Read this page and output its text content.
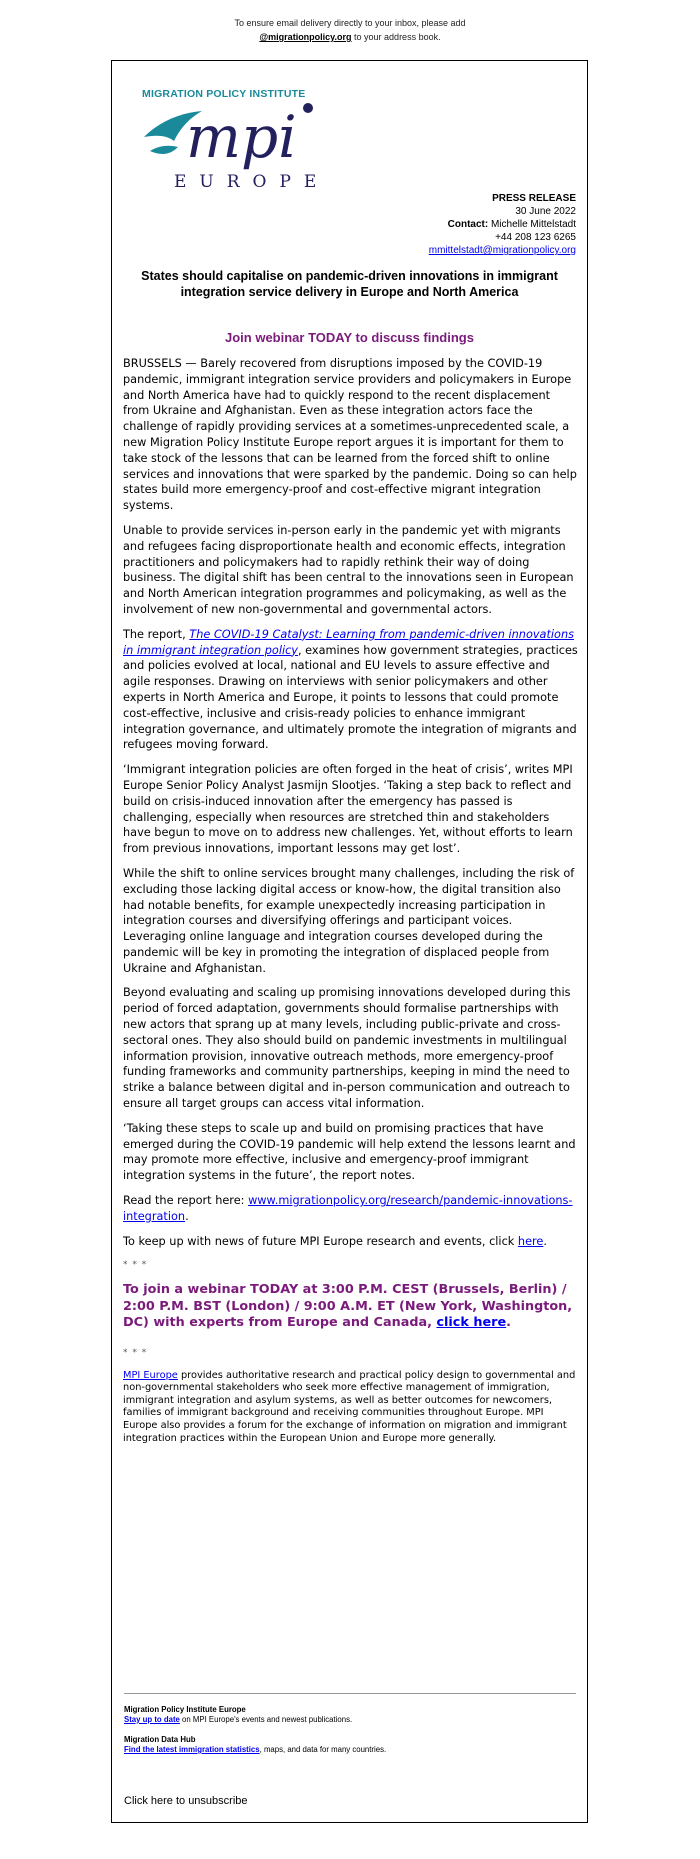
To ensure email delivery directly to your inbox, please add
@migrationpolicy.org to your address book.
MIGRATION POLICY INSTITUTE
mpi
EUROPE
PRESS RELEASE
30 June 2022
Contact: Michelle Mittelstadt
+44 208 123 6265
mmittelstadt@migrationpolicy.org
States should capitalise on pandemic-driven innovations in immigrant integration service delivery in Europe and North America
Join webinar TODAY to discuss findings

BRUSSELS — Barely recovered from disruptions imposed by the COVID-19 pandemic, immigrant integration service providers and policymakers in Europe and North America have had to quickly respond to the recent displacement from Ukraine and Afghanistan. Even as these integration actors face the challenge of rapidly providing services at a sometimes-unprecedented scale, a new Migration Policy Institute Europe report argues it is important for them to take stock of the lessons that can be learned from the forced shift to online services and innovations that were sparked by the pandemic. Doing so can help states build more emergency-proof and cost-effective migrant integration systems.

Unable to provide services in-person early in the pandemic yet with migrants and refugees facing disproportionate health and economic effects, integration practitioners and policymakers had to rapidly rethink their way of doing business. The digital shift has been central to the innovations seen in European and North American integration programmes and policymaking, as well as the involvement of new non-governmental and governmental actors.

The report, The COVID-19 Catalyst: Learning from pandemic-driven innovations in immigrant integration policy, examines how government strategies, practices and policies evolved at local, national and EU levels to assure effective and agile responses. Drawing on interviews with senior policymakers and other experts in North America and Europe, it points to lessons that could promote cost-effective, inclusive and crisis-ready policies to enhance immigrant integration governance, and ultimately promote the integration of migrants and refugees moving forward.

‘Immigrant integration policies are often forged in the heat of crisis’, writes MPI Europe Senior Policy Analyst Jasmijn Slootjes. ‘Taking a step back to reflect and build on crisis-induced innovation after the emergency has passed is challenging, especially when resources are stretched thin and stakeholders have begun to move on to address new challenges. Yet, without efforts to learn from previous innovations, important lessons may get lost’.

While the shift to online services brought many challenges, including the risk of excluding those lacking digital access or know-how, the digital transition also had notable benefits, for example unexpectedly increasing participation in integration courses and diversifying offerings and participant voices. Leveraging online language and integration courses developed during the pandemic will be key in promoting the integration of displaced people from Ukraine and Afghanistan.

Beyond evaluating and scaling up promising innovations developed during this period of forced adaptation, governments should formalise partnerships with new actors that sprang up at many levels, including public-private and cross-sectoral ones. They also should build on pandemic investments in multilingual information provision, innovative outreach methods, more emergency-proof funding frameworks and community partnerships, keeping in mind the need to strike a balance between digital and in-person communication and outreach to ensure all target groups can access vital information.

‘Taking these steps to scale up and build on promising practices that have emerged during the COVID-19 pandemic will help extend the lessons learnt and may promote more effective, inclusive and emergency-proof immigrant integration systems in the future’, the report notes.

Read the report here: www.migrationpolicy.org/research/pandemic-innovations-integration.

To keep up with news of future MPI Europe research and events, click here.

* * *

To join a webinar TODAY at 3:00 P.M. CEST (Brussels, Berlin) / 2:00 P.M. BST (London) / 9:00 A.M. ET (New York, Washington, DC) with experts from Europe and Canada, click here.

* * *

MPI Europe provides authoritative research and practical policy design to governmental and non-governmental stakeholders who seek more effective management of immigration, immigrant integration and asylum systems, as well as better outcomes for newcomers, families of immigrant background and receiving communities throughout Europe. MPI Europe also provides a forum for the exchange of information on migration and immigrant integration practices within the European Union and Europe more generally.

Migration Policy Institute Europe
Stay up to date on MPI Europe's events and newest publications.
Migration Data Hub
Find the latest immigration statistics, maps, and data for many countries.
Click here to unsubscribe
